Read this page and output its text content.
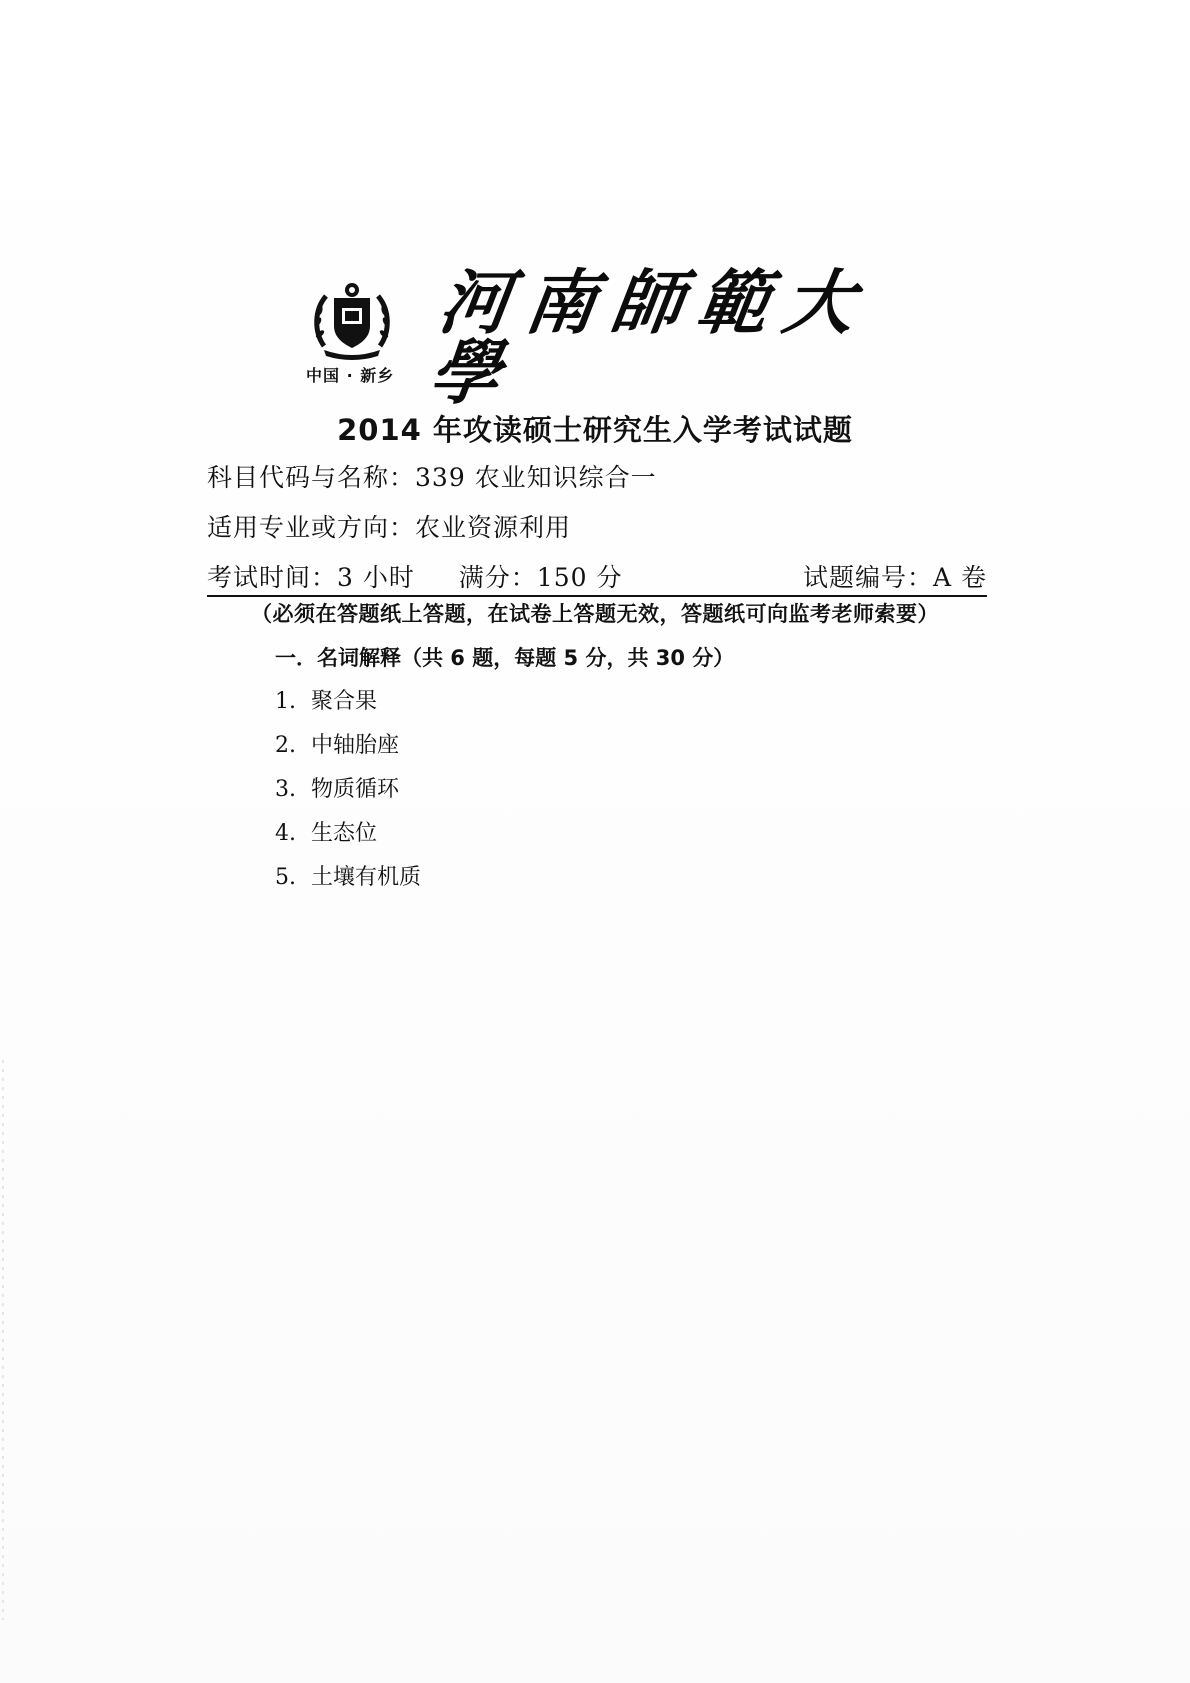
中国 · 新乡
河南師範大學
2014 年攻读硕士研究生入学考试试题
科目代码与名称：339 农业知识综合一
适用专业或方向：农业资源利用
考试时间：3 小时 满分：150 分	试题编号：A 卷
（必须在答题纸上答题，在试卷上答题无效，答题纸可向监考老师索要）
一．名词解释（共 6 题，每题 5 分，共 30 分）
1. 聚合果
2. 中轴胎座
3. 物质循环
4. 生态位
5. 土壤有机质
